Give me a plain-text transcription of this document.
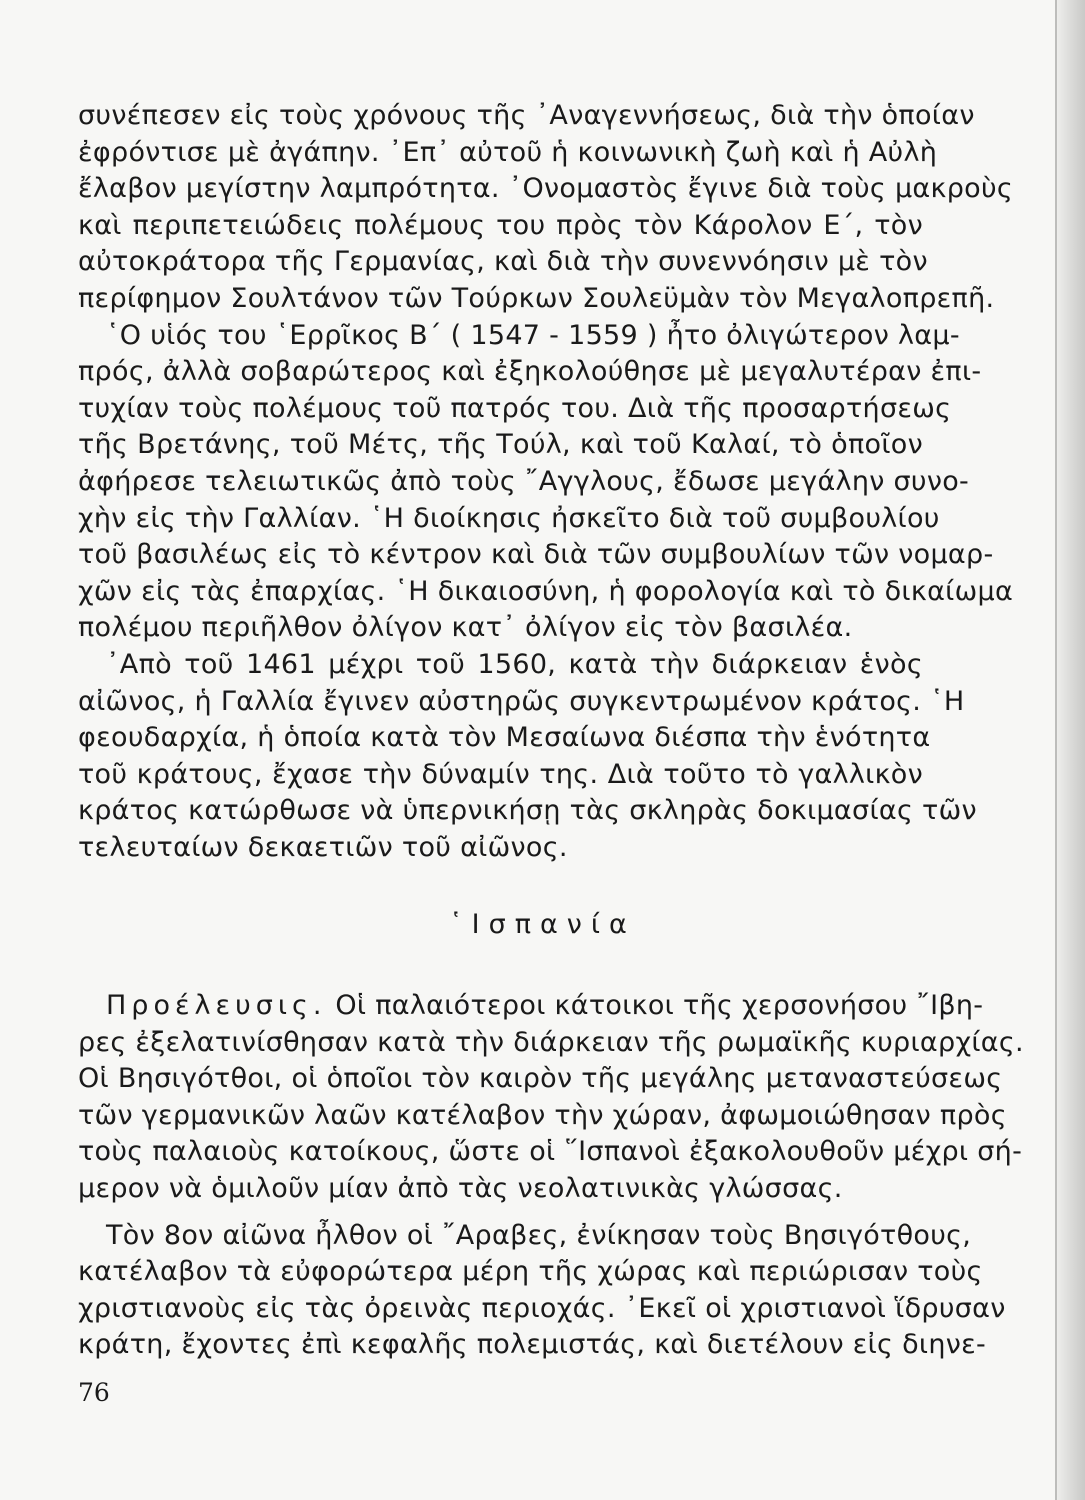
συνέπεσεν εἰς τοὺς χρόνους τῆς ᾿Αναγεννήσεως, διὰ τὴν ὁποίαν
ἐφρόντισε μὲ ἀγάπην. ᾿Επ᾿ αὐτοῦ ἡ κοινωνικὴ ζωὴ καὶ ἡ Αὐλὴ
ἔλαβον μεγίστην λαμπρότητα. ᾿Ονομαστὸς ἔγινε διὰ τοὺς μακροὺς
καὶ περιπετειώδεις πολέμους του πρὸς τὸν Κάρολον Ε΄, τὸν
αὐτοκράτορα τῆς Γερμανίας, καὶ διὰ τὴν συνεννόησιν μὲ τὸν
περίφημον Σουλτάνον τῶν Τούρκων Σουλεϋμὰν τὸν Μεγαλοπρεπῆ.
῾Ο υἱός του ῾Ερρῖκος Β΄ ( 1547 - 1559 ) ἦτο ὀλιγώτερον λαμ-
πρός, ἀλλὰ σοβαρώτερος καὶ ἐξηκολούθησε μὲ μεγαλυτέραν ἐπι-
τυχίαν τοὺς πολέμους τοῦ πατρός του. Διὰ τῆς προσαρτήσεως
τῆς Βρετάνης, τοῦ Μέτς, τῆς Τούλ, καὶ τοῦ Καλαί, τὸ ὁποῖον
ἀφήρεσε τελειωτικῶς ἀπὸ τοὺς ῎Αγγλους, ἔδωσε μεγάλην συνο-
χὴν εἰς τὴν Γαλλίαν. ῾Η διοίκησις ἠσκεῖτο διὰ τοῦ συμβουλίου
τοῦ βασιλέως εἰς τὸ κέντρον καὶ διὰ τῶν συμβουλίων τῶν νομαρ-
χῶν εἰς τὰς ἐπαρχίας. ῾Η δικαιοσύνη, ἡ φορολογία καὶ τὸ δικαίωμα
πολέμου περιῆλθον ὀλίγον κατ᾿ ὀλίγον εἰς τὸν βασιλέα.
᾿Απὸ τοῦ 1461 μέχρι τοῦ 1560, κατὰ τὴν διάρκειαν ἑνὸς
αἰῶνος, ἡ Γαλλία ἔγινεν αὐστηρῶς συγκεντρωμένον κράτος. ῾Η
φεουδαρχία, ἡ ὁποία κατὰ τὸν Μεσαίωνα διέσπα τὴν ἑνότητα
τοῦ κράτους, ἔχασε τὴν δύναμίν της. Διὰ τοῦτο τὸ γαλλικὸν
κράτος κατώρθωσε νὰ ὑπερνικήσῃ τὰς σκληρὰς δοκιμασίας τῶν
τελευταίων δεκαετιῶν τοῦ αἰῶνος.
῾Ισπανία
Προέλευσις. Οἱ παλαιότεροι κάτοικοι τῆς χερσονήσου ῎Ιβη-
ρες ἐξελατινίσθησαν κατὰ τὴν διάρκειαν τῆς ρωμαϊκῆς κυριαρχίας.
Οἱ Βησιγότθοι, οἱ ὁποῖοι τὸν καιρὸν τῆς μεγάλης μεταναστεύσεως
τῶν γερμανικῶν λαῶν κατέλαβον τὴν χώραν, ἀφωμοιώθησαν πρὸς
τοὺς παλαιοὺς κατοίκους, ὥστε οἱ ῞Ισπανοὶ ἐξακολουθοῦν μέχρι σή-
μερον νὰ ὁμιλοῦν μίαν ἀπὸ τὰς νεολατινικὰς γλώσσας.
Τὸν 8ον αἰῶνα ἦλθον οἱ ῎Αραβες, ἐνίκησαν τοὺς Βησιγότθους,
κατέλαβον τὰ εὐφορώτερα μέρη τῆς χώρας καὶ περιώρισαν τοὺς
χριστιανοὺς εἰς τὰς ὀρεινὰς περιοχάς. ᾿Εκεῖ οἱ χριστιανοὶ ἵδρυσαν
κράτη, ἔχοντες ἐπὶ κεφαλῆς πολεμιστάς, καὶ διετέλουν εἰς διηνε-
76
